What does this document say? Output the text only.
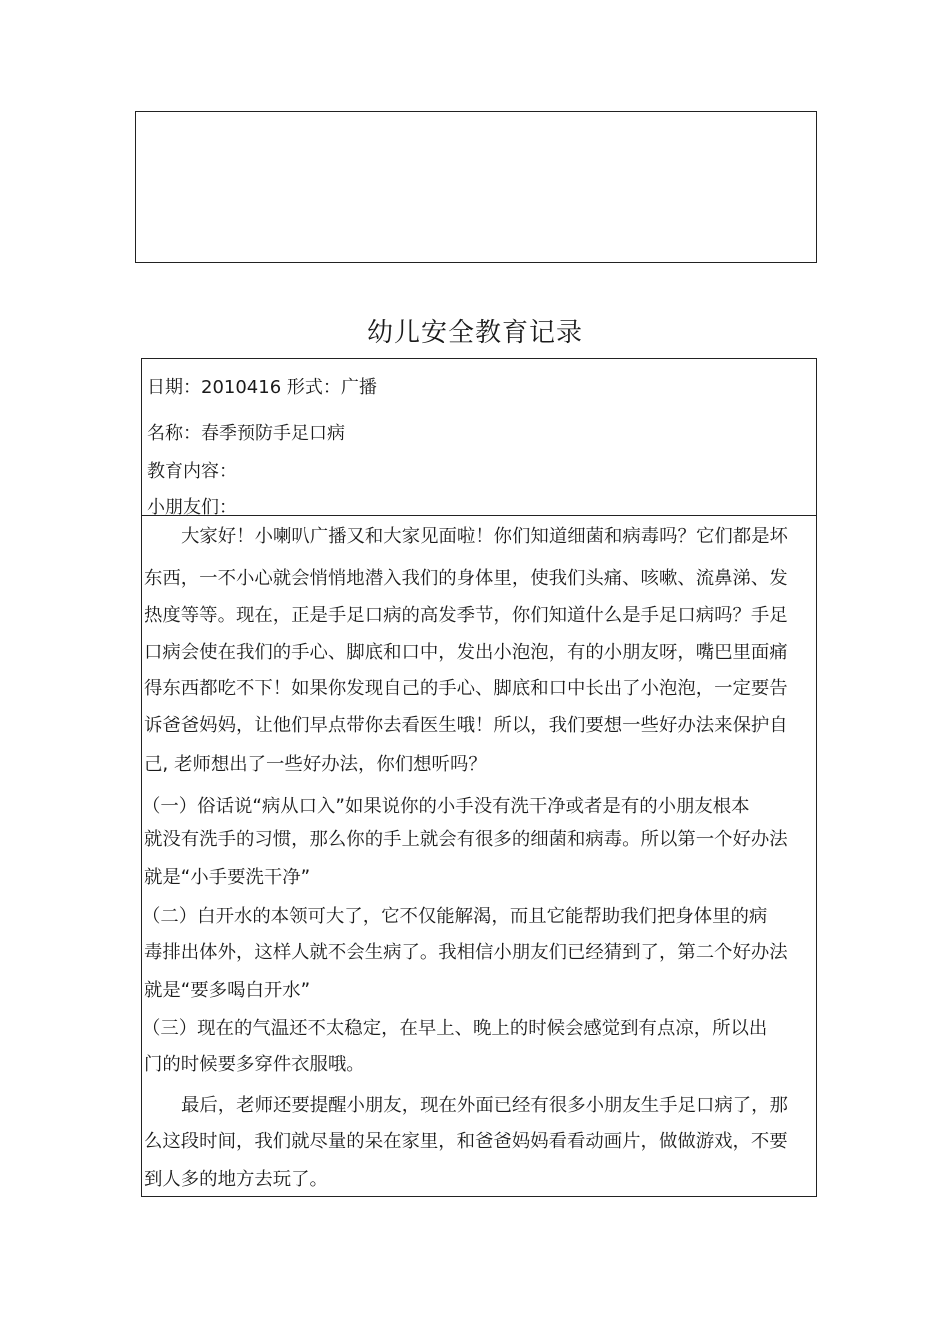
幼儿安全教育记录
日期：2010416 形式：广播
名称：春季预防手足口病
教育内容：
小朋友们：
大家好！小喇叭广播又和大家见面啦！你们知道细菌和病毒吗？它们都是坏
东西，一不小心就会悄悄地潜入我们的身体里，使我们头痛、咳嗽、流鼻涕、发
热度等等。现在，正是手足口病的高发季节，你们知道什么是手足口病吗？手足
口病会使在我们的手心、脚底和口中，发出小泡泡，有的小朋友呀，嘴巴里面痛
得东西都吃不下！如果你发现自己的手心、脚底和口中长出了小泡泡，一定要告
诉爸爸妈妈，让他们早点带你去看医生哦！所以，我们要想一些好办法来保护自
己, 老师想出了一些好办法，你们想听吗？
（一）俗话说“病从口入”如果说你的小手没有洗干净或者是有的小朋友根本
就没有洗手的习惯，那么你的手上就会有很多的细菌和病毒。所以第一个好办法
就是“小手要洗干净”
（二）白开水的本领可大了，它不仅能解渴，而且它能帮助我们把身体里的病
毒排出体外，这样人就不会生病了。我相信小朋友们已经猜到了，第二个好办法
就是“要多喝白开水”
（三）现在的气温还不太稳定，在早上、晚上的时候会感觉到有点凉，所以出
门的时候要多穿件衣服哦。
最后，老师还要提醒小朋友，现在外面已经有很多小朋友生手足口病了，那
么这段时间，我们就尽量的呆在家里，和爸爸妈妈看看动画片，做做游戏，不要
到人多的地方去玩了。
